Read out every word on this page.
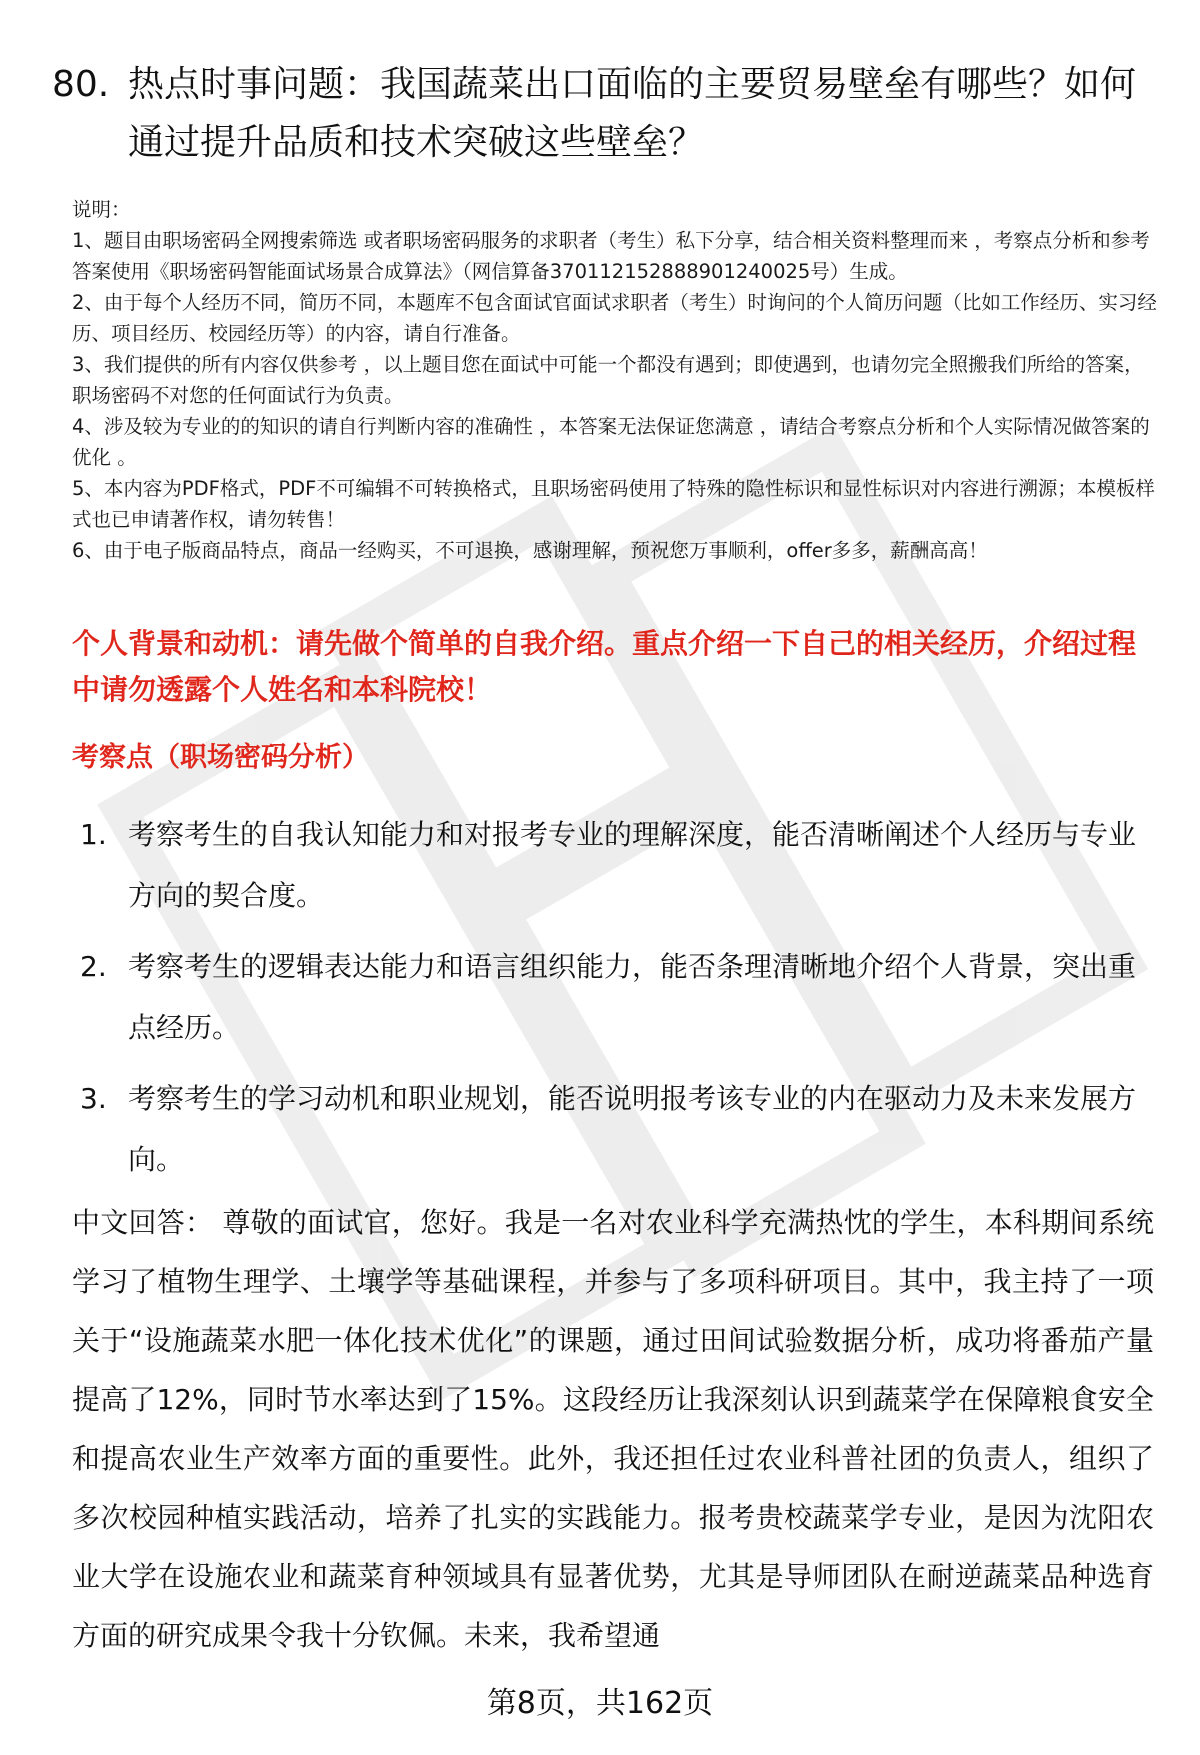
80. 热点时事问题：我国蔬菜出口面临的主要贸易壁垒有哪些？如何通过提升品质和技术突破这些壁垒？

说明：

1、题目由职场密码全网搜索筛选 或者职场密码服务的求职者（考生）私下分享，结合相关资料整理而来 ，考察点分析和参考答案使用《职场密码智能面试场景合成算法》（网信算备370112152888901240025号）生成。

2、由于每个人经历不同，简历不同，本题库不包含面试官面试求职者（考生）时询问的个人简历问题（比如工作经历、实习经历、项目经历、校园经历等）的内容，请自行准备。

3、我们提供的所有内容仅供参考 ，以上题目您在面试中可能一个都没有遇到；即使遇到，也请勿完全照搬我们所给的答案，职场密码不对您的任何面试行为负责。

4、涉及较为专业的的知识的请自行判断内容的准确性 ，本答案无法保证您满意 ，请结合考察点分析和个人实际情况做答案的优化 。

5、本内容为PDF格式，PDF不可编辑不可转换格式，且职场密码使用了特殊的隐性标识和显性标识对内容进行溯源；本模板样式也已申请著作权，请勿转售！

6、由于电子版商品特点，商品一经购买，不可退换，感谢理解，预祝您万事顺利，offer多多，薪酬高高！

个人背景和动机：请先做个简单的自我介绍。重点介绍一下自己的相关经历，介绍过程中请勿透露个人姓名和本科院校！
考察点（职场密码分析）
1. 考察考生的自我认知能力和对报考专业的理解深度，能否清晰阐述个人经历与专业方向的契合度。
2. 考察考生的逻辑表达能力和语言组织能力，能否条理清晰地介绍个人背景，突出重点经历。
3. 考察考生的学习动机和职业规划，能否说明报考该专业的内在驱动力及未来发展方向。
中文回答： 尊敬的面试官，您好。我是一名对农业科学充满热忱的学生，本科期间系统学习了植物生理学、土壤学等基础课程，并参与了多项科研项目。其中，我主持了一项关于“设施蔬菜水肥一体化技术优化”的课题，通过田间试验数据分析，成功将番茄产量提高了12%，同时节水率达到了15%。这段经历让我深刻认识到蔬菜学在保障粮食安全和提高农业生产效率方面的重要性。此外，我还担任过农业科普社团的负责人，组织了多次校园种植实践活动，培养了扎实的实践能力。报考贵校蔬菜学专业，是因为沈阳农业大学在设施农业和蔬菜育种领域具有显著优势，尤其是导师团队在耐逆蔬菜品种选育方面的研究成果令我十分钦佩。未来，我希望通
第8页，共162页
